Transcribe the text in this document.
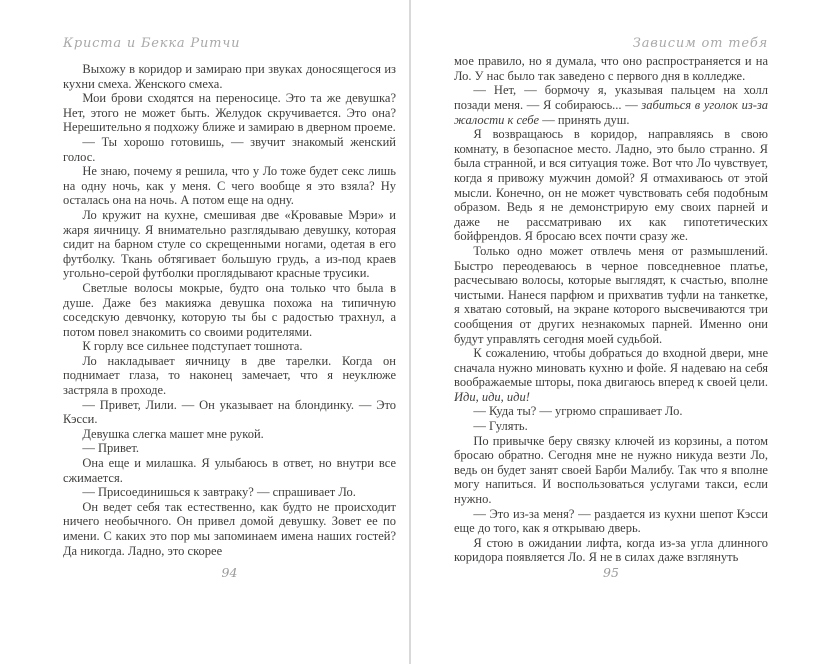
Криста и Бекка Ритчи

Выхожу в коридор и замираю при звуках доносящегося из кухни смеха. Женского смеха.

Мои брови сходятся на переносице. Это та же девушка? Нет, этого не может быть. Желудок скручивается. Это она? Нерешительно я подхожу ближе и замираю в дверном проеме.

— Ты хорошо готовишь, — звучит знакомый женский голос.

Не знаю, почему я решила, что у Ло тоже будет секс лишь на одну ночь, как у меня. С чего вообще я это взяла? Ну осталась она на ночь. А потом еще на одну.

Ло кружит на кухне, смешивая две «Кровавые Мэри» и жаря яичницу. Я внимательно разглядываю девушку, которая сидит на барном стуле со скрещенными ногами, одетая в его футболку. Ткань обтягивает большую грудь, а из-под краев угольно-серой футболки проглядывают красные трусики.

Светлые волосы мокрые, будто она только что была в душе. Даже без макияжа девушка похожа на типичную соседскую девчонку, которую ты бы с радостью трахнул, а потом повел знакомить со своими родителями.

К горлу все сильнее подступает тошнота.

Ло накладывает яичницу в две тарелки. Когда он поднимает глаза, то наконец замечает, что я неуклюже застряла в проходе.

— Привет, Лили. — Он указывает на блондинку. — Это Кэсси.

Девушка слегка машет мне рукой.

— Привет.

Она еще и милашка. Я улыбаюсь в ответ, но внутри все сжимается.

— Присоединишься к завтраку? — спрашивает Ло.

Он ведет себя так естественно, как будто не происходит ничего необычного. Он привел домой девушку. Зовет ее по имени. С каких это пор мы запоминаем имена наших гостей? Да никогда. Ладно, это скорее

94
Зависим от тебя

мое правило, но я думала, что оно распространяется и на Ло. У нас было так заведено с первого дня в колледже.

— Нет, — бормочу я, указывая пальцем на холл позади меня. — Я собираюсь... — забиться в уголок из-за жалости к себе — принять душ.

Я возвращаюсь в коридор, направляясь в свою комнату, в безопасное место. Ладно, это было странно. Я была странной, и вся ситуация тоже. Вот что Ло чувствует, когда я привожу мужчин домой? Я отмахиваюсь от этой мысли. Конечно, он не может чувствовать себя подобным образом. Ведь я не демонстрирую ему своих парней и даже не рассматриваю их как гипотетических бойфрендов. Я бросаю всех почти сразу же.

Только одно может отвлечь меня от размышлений. Быстро переодеваюсь в черное повседневное платье, расчесываю волосы, которые выглядят, к счастью, вполне чистыми. Нанеся парфюм и прихватив туфли на танкетке, я хватаю сотовый, на экране которого высвечиваются три сообщения от других незнакомых парней. Именно они будут управлять сегодня моей судьбой.

К сожалению, чтобы добраться до входной двери, мне сначала нужно миновать кухню и фойе. Я надеваю на себя воображаемые шторы, пока двигаюсь вперед к своей цели. Иди, иди, иди!

— Куда ты? — угрюмо спрашивает Ло.

— Гулять.

По привычке беру связку ключей из корзины, а потом бросаю обратно. Сегодня мне не нужно никуда везти Ло, ведь он будет занят своей Барби Малибу. Так что я вполне могу напиться. И воспользоваться услугами такси, если нужно.

— Это из-за меня? — раздается из кухни шепот Кэсси еще до того, как я открываю дверь.

Я стою в ожидании лифта, когда из-за угла длинного коридора появляется Ло. Я не в силах даже взглянуть

95
